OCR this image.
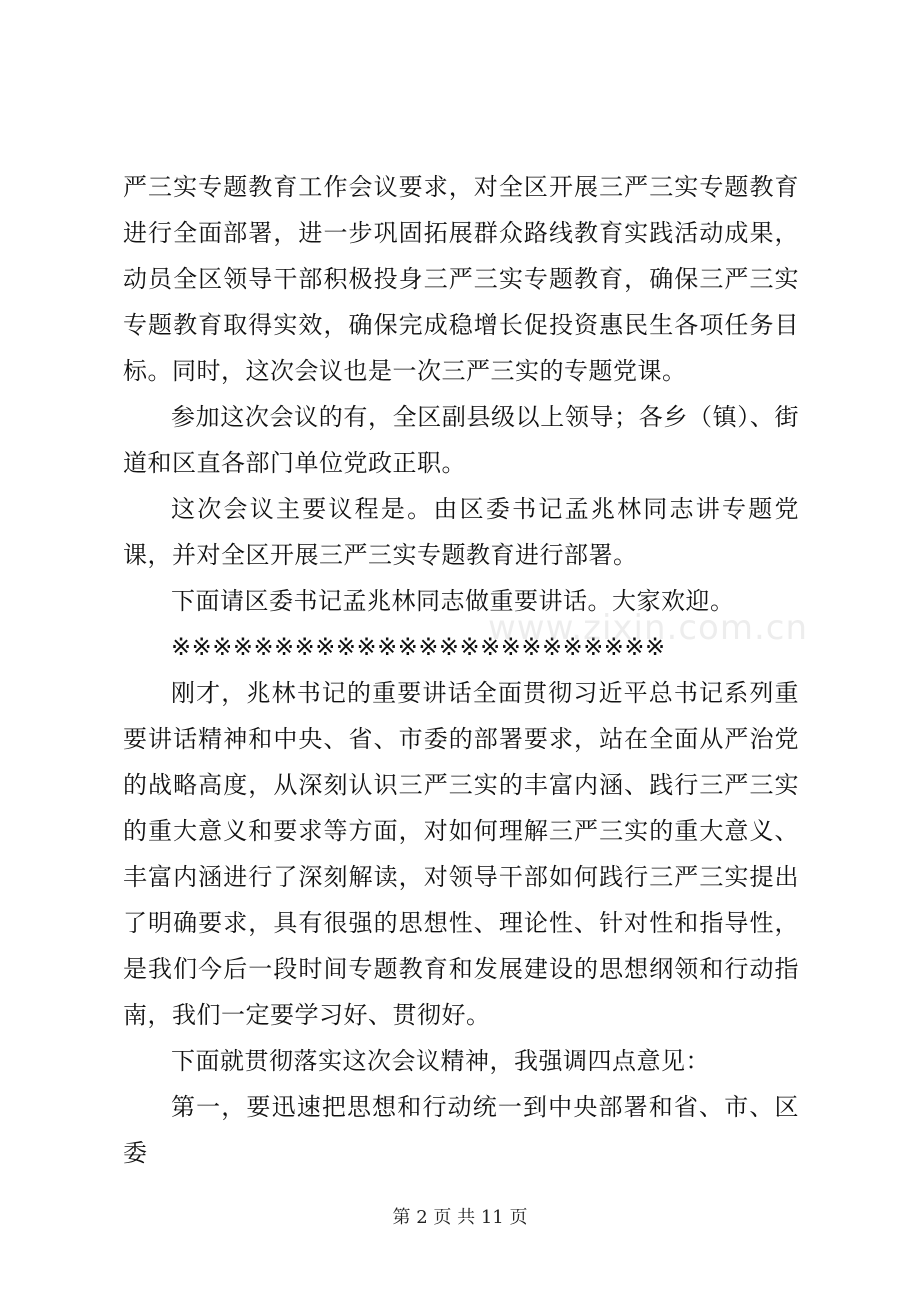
严三实专题教育工作会议要求，对全区开展三严三实专题教育进行全面部署，进一步巩固拓展群众路线教育实践活动成果，动员全区领导干部积极投身三严三实专题教育，确保三严三实专题教育取得实效，确保完成稳增长促投资惠民生各项任务目标。同时，这次会议也是一次三严三实的专题党课。

参加这次会议的有，全区副县级以上领导；各乡（镇）、街道和区直各部门单位党政正职。

这次会议主要议程是。由区委书记孟兆林同志讲专题党课，并对全区开展三严三实专题教育进行部署。

下面请区委书记孟兆林同志做重要讲话。大家欢迎。

※※※※※※※※※※※※※※※※※※※※※※※※

刚才，兆林书记的重要讲话全面贯彻习近平总书记系列重要讲话精神和中央、省、市委的部署要求，站在全面从严治党的战略高度，从深刻认识三严三实的丰富内涵、践行三严三实的重大意义和要求等方面，对如何理解三严三实的重大意义、丰富内涵进行了深刻解读，对领导干部如何践行三严三实提出了明确要求，具有很强的思想性、理论性、针对性和指导性，是我们今后一段时间专题教育和发展建设的思想纲领和行动指南，我们一定要学习好、贯彻好。

下面就贯彻落实这次会议精神，我强调四点意见：

第一，要迅速把思想和行动统一到中央部署和省、市、区委

www.zixin.com.cn
第 2 页 共 11 页
